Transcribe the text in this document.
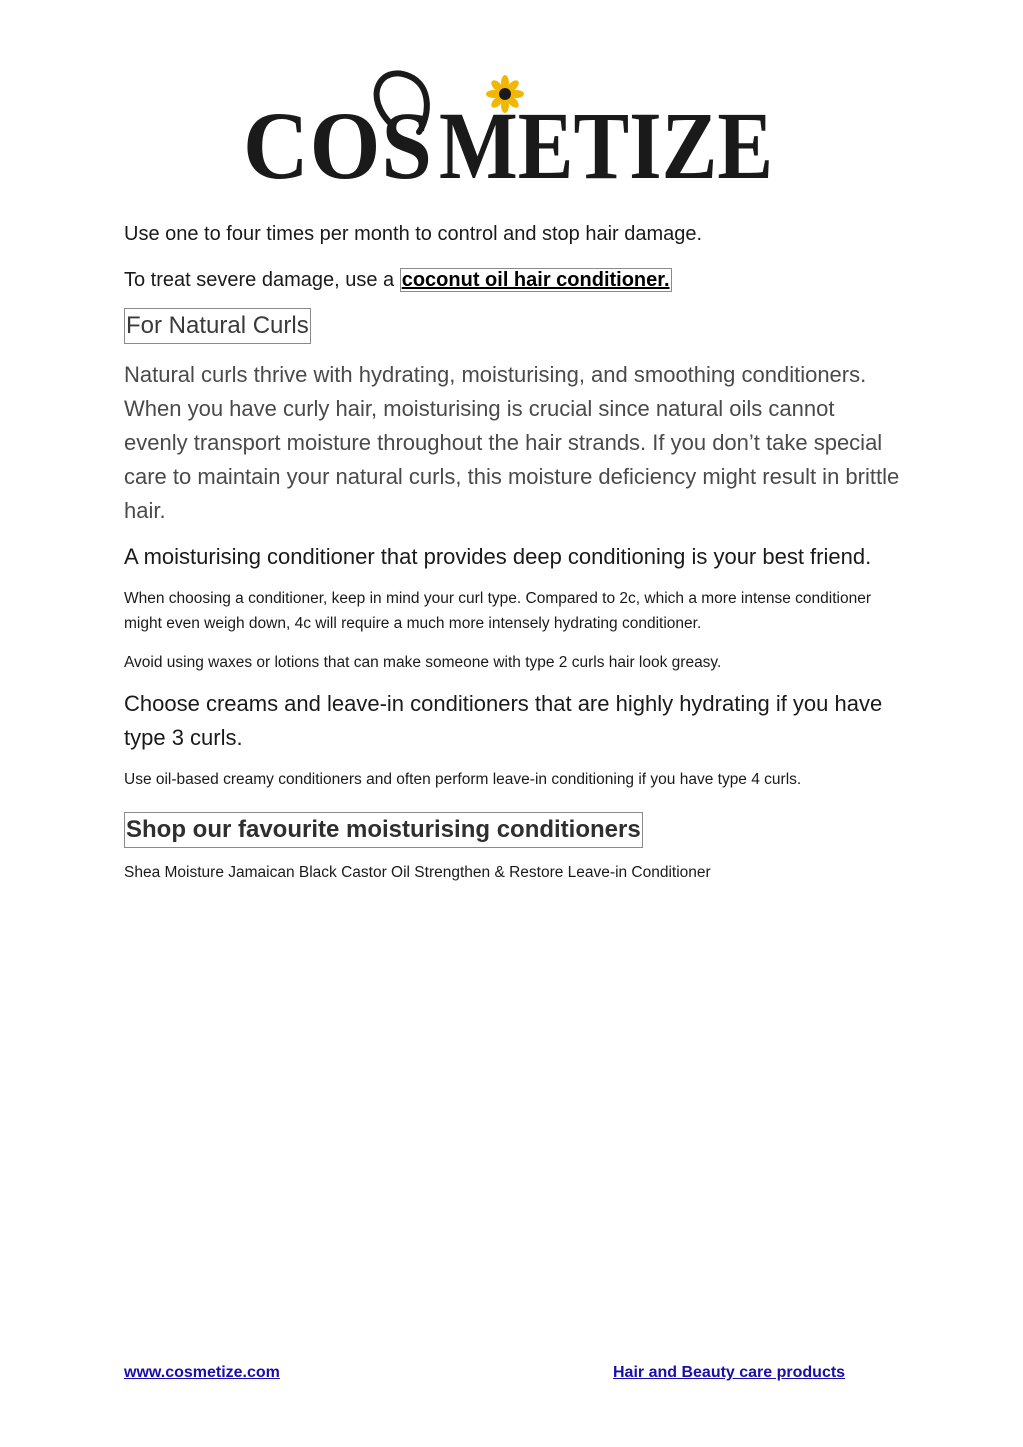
COS METIZE

Use one to four times per month to control and stop hair damage.

To treat severe damage, use a coconut oil hair conditioner.

For Natural Curls

Natural curls thrive with hydrating, moisturising, and smoothing conditioners. When you have curly hair, moisturising is crucial since natural oils cannot evenly transport moisture throughout the hair strands. If you don’t take special care to maintain your natural curls, this moisture deficiency might result in brittle hair.

A moisturising conditioner that provides deep conditioning is your best friend.

When choosing a conditioner, keep in mind your curl type. Compared to 2c, which a more intense conditioner might even weigh down, 4c will require a much more intensely hydrating conditioner.

Avoid using waxes or lotions that can make someone with type 2 curls hair look greasy.

Choose creams and leave-in conditioners that are highly hydrating if you have type 3 curls.

Use oil-based creamy conditioners and often perform leave-in conditioning if you have type 4 curls.

Shop our favourite moisturising conditioners

Shea Moisture Jamaican Black Castor Oil Strengthen & Restore Leave-in Conditioner

www.cosmetize.com	Hair and Beauty care products
